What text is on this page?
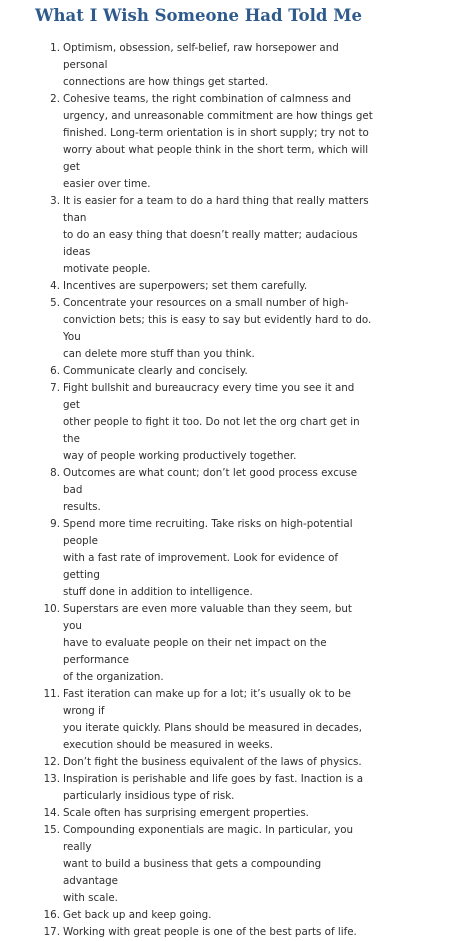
What I Wish Someone Had Told Me
1. Optimism, obsession, self-belief, raw horsepower and personal
connections are how things get started.
2. Cohesive teams, the right combination of calmness and
urgency, and unreasonable commitment are how things get
finished. Long-term orientation is in short supply; try not to
worry about what people think in the short term, which will get
easier over time.
3. It is easier for a team to do a hard thing that really matters than
to do an easy thing that doesn’t really matter; audacious ideas
motivate people.
4. Incentives are superpowers; set them carefully.
5. Concentrate your resources on a small number of high-
conviction bets; this is easy to say but evidently hard to do. You
can delete more stuff than you think.
6. Communicate clearly and concisely.
7. Fight bullshit and bureaucracy every time you see it and get
other people to fight it too. Do not let the org chart get in the
way of people working productively together.
8. Outcomes are what count; don’t let good process excuse bad
results.
9. Spend more time recruiting. Take risks on high-potential people
with a fast rate of improvement. Look for evidence of getting
stuff done in addition to intelligence.
10. Superstars are even more valuable than they seem, but you
have to evaluate people on their net impact on the performance
of the organization.
11. Fast iteration can make up for a lot; it’s usually ok to be wrong if
you iterate quickly. Plans should be measured in decades,
execution should be measured in weeks.
12. Don’t fight the business equivalent of the laws of physics.
13. Inspiration is perishable and life goes by fast. Inaction is a
particularly insidious type of risk.
14. Scale often has surprising emergent properties.
15. Compounding exponentials are magic. In particular, you really
want to build a business that gets a compounding advantage
with scale.
16. Get back up and keep going.
17. Working with great people is one of the best parts of life.
